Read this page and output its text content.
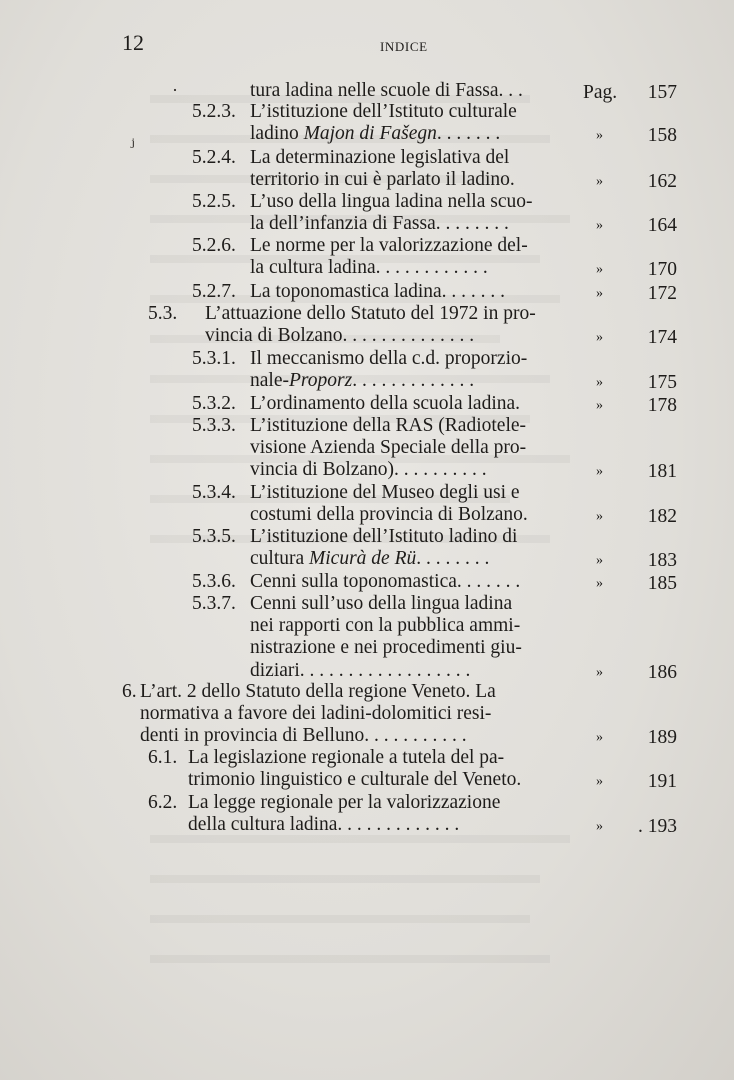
12	INDICE
·
ⱼ
tura ladina nelle scuole di Fassa. . .	Pag.	157
5.2.3. L’istituzione dell’Istituto culturale
ladino Majon di Fašegn. . . . . . .	»	158
5.2.4. La determinazione legislativa del
territorio in cui è parlato il ladino.	»	162
5.2.5. L’uso della lingua ladina nella scuo-
la dell’infanzia di Fassa. . . . . . . .	»	164
5.2.6. Le norme per la valorizzazione del-
la cultura ladina. . . . . . . . . . . .	»	170
5.2.7. La toponomastica ladina. . . . . . .	»	172
5.3. L’attuazione dello Statuto del 1972 in pro-
vincia di Bolzano. . . . . . . . . . . . . .	»	174
5.3.1. Il meccanismo della c.d. proporzio-
nale-Proporz. . . . . . . . . . . . .	»	175
5.3.2. L’ordinamento della scuola ladina.	»	178
5.3.3. L’istituzione della RAS (Radiotele-
visione Azienda Speciale della pro-
vincia di Bolzano). . . . . . . . . .	»	181
5.3.4. L’istituzione del Museo degli usi e
costumi della provincia di Bolzano.	»	182
5.3.5. L’istituzione dell’Istituto ladino di
cultura Micurà de Rü. . . . . . . .	»	183
5.3.6. Cenni sulla toponomastica. . . . . . .	»	185
5.3.7. Cenni sull’uso della lingua ladina
nei rapporti con la pubblica ammi-
nistrazione e nei procedimenti giu-
diziari. . . . . . . . . . . . . . . . . .	»	186
6. L’art. 2 dello Statuto della regione Veneto. La
normativa a favore dei ladini-dolomitici resi-
denti in provincia di Belluno. . . . . . . . . . .	»	189
6.1. La legislazione regionale a tutela del pa-
trimonio linguistico e culturale del Veneto.	»	191
6.2. La legge regionale per la valorizzazione
della cultura ladina. . . . . . . . . . . . .	»	. 193
